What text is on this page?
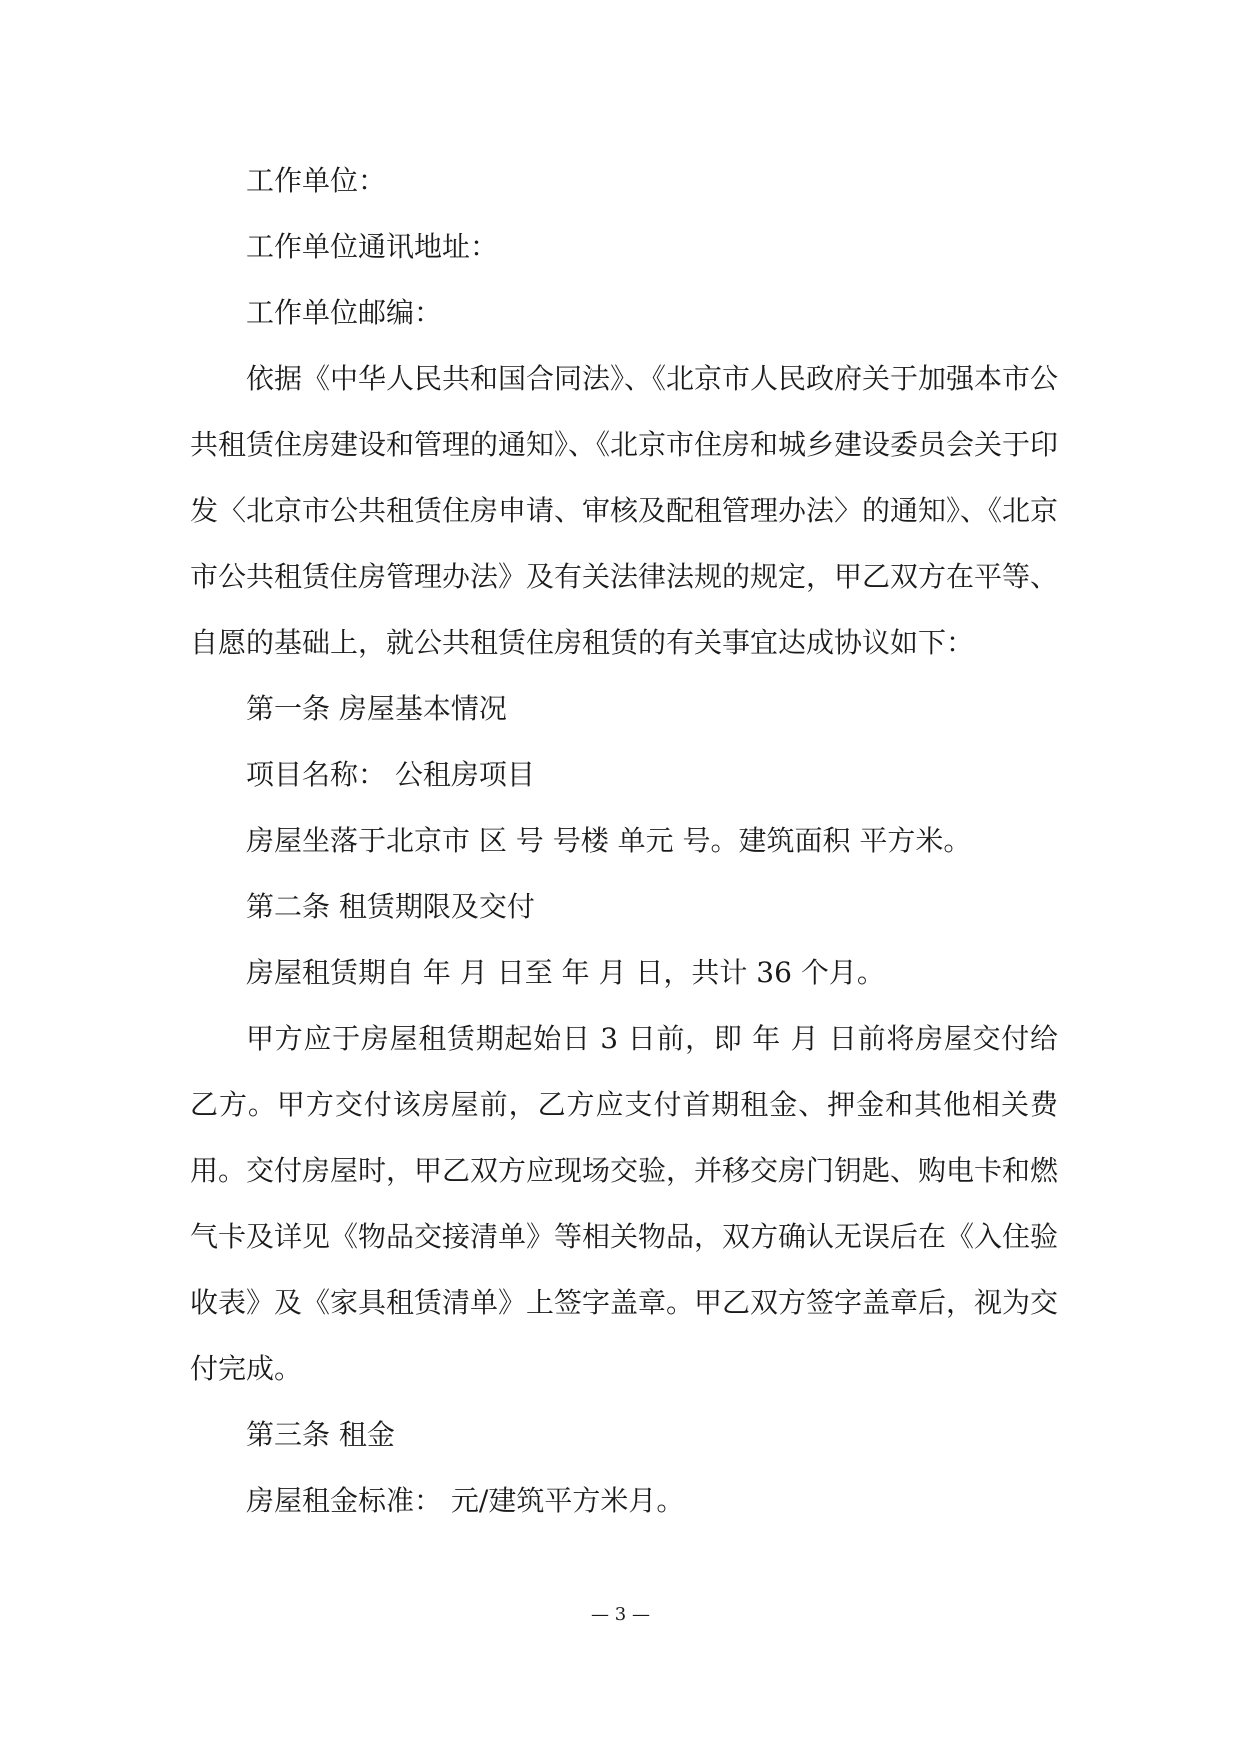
工作单位：

工作单位通讯地址：

工作单位邮编：

依据《中华人民共和国合同法》、《北京市人民政府关于加强本市公共租赁住房建设和管理的通知》、《北京市住房和城乡建设委员会关于印发〈北京市公共租赁住房申请、审核及配租管理办法〉的通知》、《北京市公共租赁住房管理办法》及有关法律法规的规定，甲乙双方在平等、自愿的基础上，就公共租赁住房租赁的有关事宜达成协议如下：

第一条 房屋基本情况

项目名称： 公租房项目

房屋坐落于北京市 区 号 号楼 单元 号。建筑面积 平方米。

第二条 租赁期限及交付

房屋租赁期自 年 月 日至 年 月 日，共计 36 个月。

甲方应于房屋租赁期起始日 3 日前，即 年 月 日前将房屋交付给乙方。甲方交付该房屋前，乙方应支付首期租金、押金和其他相关费用。交付房屋时，甲乙双方应现场交验，并移交房门钥匙、购电卡和燃气卡及详见《物品交接清单》等相关物品，双方确认无误后在《入住验收表》及《家具租赁清单》上签字盖章。甲乙双方签字盖章后，视为交付完成。

第三条 租金

房屋租金标准： 元/建筑平方米月。

— 3 —
